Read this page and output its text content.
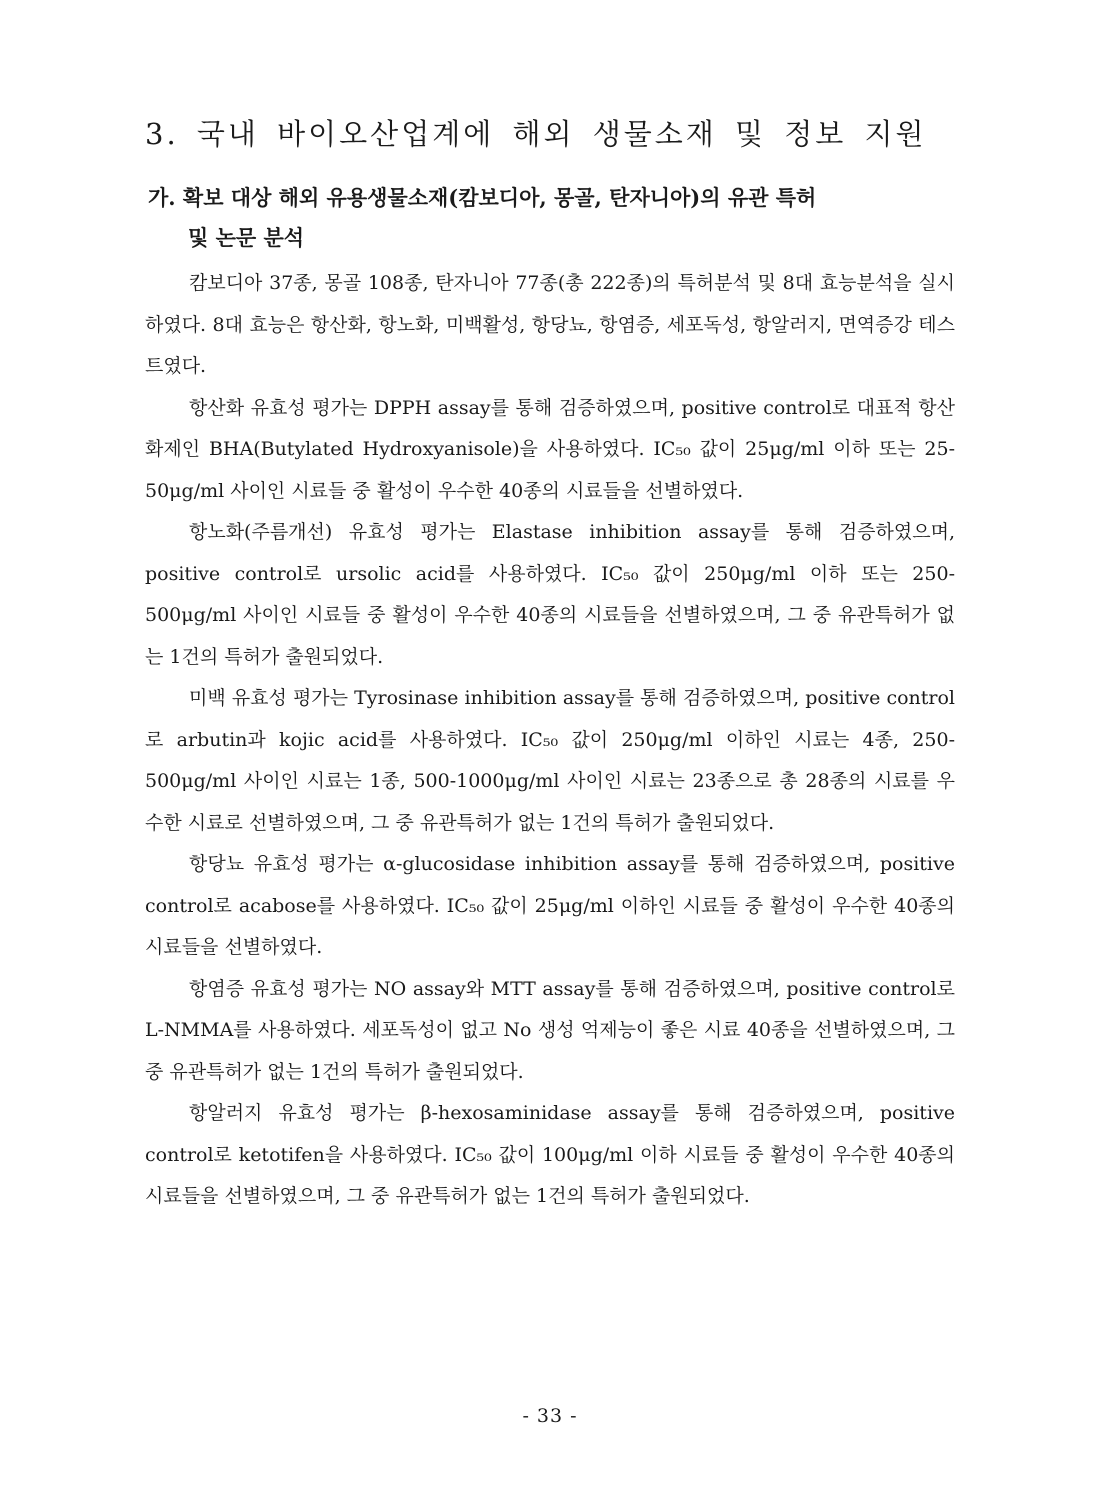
3. 국내 바이오산업계에 해외 생물소재 및 정보 지원
가. 확보 대상 해외 유용생물소재(캄보디아, 몽골, 탄자니아)의 유관 특허
및 논문 분석

캄보디아 37종, 몽골 108종, 탄자니아 77종(총 222종)의 특허분석 및 8대 효능분석을 실시하였다. 8대 효능은 항산화, 항노화, 미백활성, 항당뇨, 항염증, 세포독성, 항알러지, 면역증강 테스트였다.

항산화 유효성 평가는 DPPH assay를 통해 검증하였으며, positive control로 대표적 항산화제인 BHA(Butylated Hydroxyanisole)을 사용하였다. IC₅₀ 값이 25μg/ml 이하 또는 25-50μg/ml 사이인 시료들 중 활성이 우수한 40종의 시료들을 선별하였다.

항노화(주름개선) 유효성 평가는 Elastase inhibition assay를 통해 검증하였으며, positive control로 ursolic acid를 사용하였다. IC₅₀ 값이 250μg/ml 이하 또는 250-500μg/ml 사이인 시료들 중 활성이 우수한 40종의 시료들을 선별하였으며, 그 중 유관특허가 없는 1건의 특허가 출원되었다.

미백 유효성 평가는 Tyrosinase inhibition assay를 통해 검증하였으며, positive control로 arbutin과 kojic acid를 사용하였다. IC₅₀ 값이 250μg/ml 이하인 시료는 4종, 250-500μg/ml 사이인 시료는 1종, 500-1000μg/ml 사이인 시료는 23종으로 총 28종의 시료를 우수한 시료로 선별하였으며, 그 중 유관특허가 없는 1건의 특허가 출원되었다.

항당뇨 유효성 평가는 α-glucosidase inhibition assay를 통해 검증하였으며, positive control로 acabose를 사용하였다. IC₅₀ 값이 25μg/ml 이하인 시료들 중 활성이 우수한 40종의 시료들을 선별하였다.

항염증 유효성 평가는 NO assay와 MTT assay를 통해 검증하였으며, positive control로 L-NMMA를 사용하였다. 세포독성이 없고 No 생성 억제능이 좋은 시료 40종을 선별하였으며, 그 중 유관특허가 없는 1건의 특허가 출원되었다.

항알러지 유효성 평가는 β-hexosaminidase assay를 통해 검증하였으며, positive control로 ketotifen을 사용하였다. IC₅₀ 값이 100μg/ml 이하 시료들 중 활성이 우수한 40종의 시료들을 선별하였으며, 그 중 유관특허가 없는 1건의 특허가 출원되었다.

- 33 -
